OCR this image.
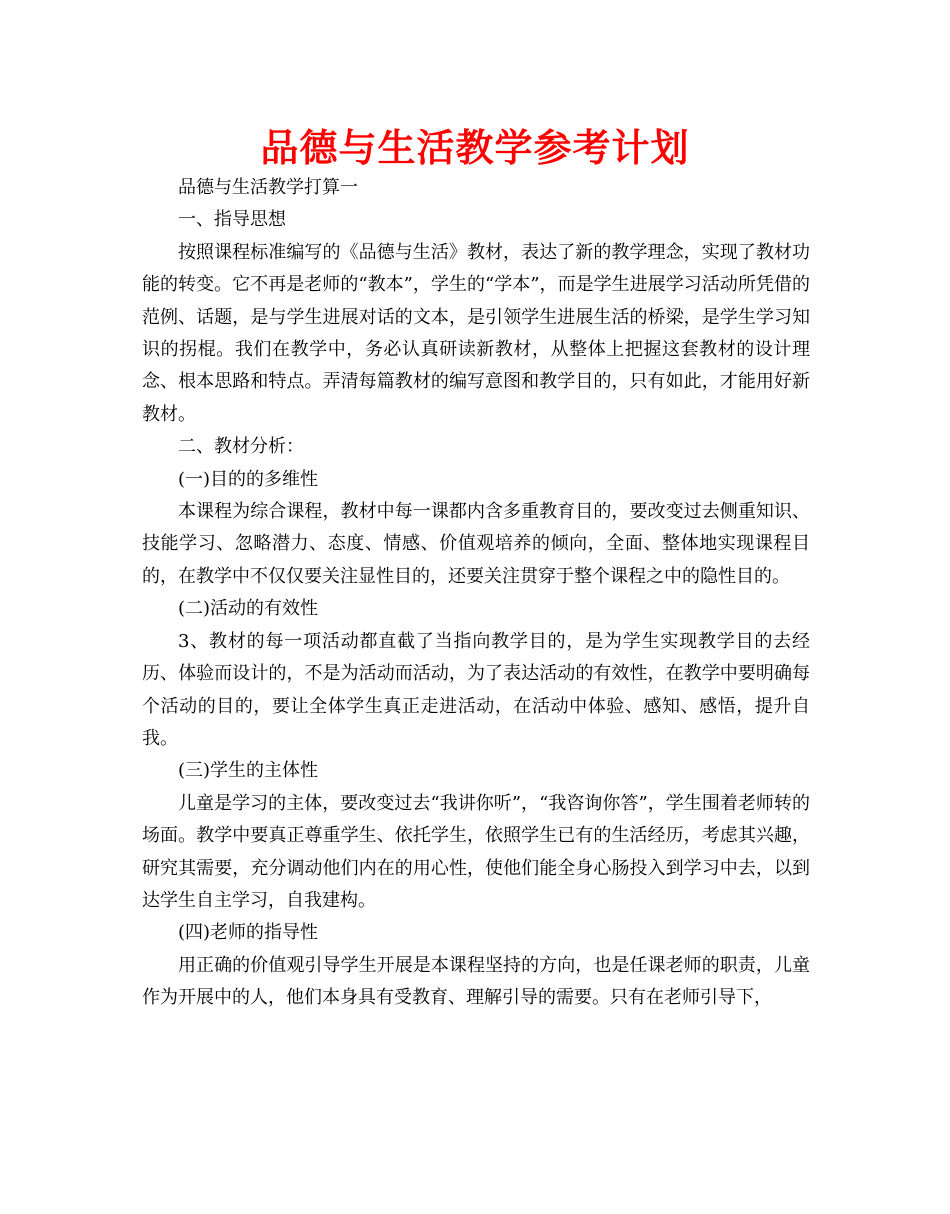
品德与生活教学参考计划

品德与生活教学打算一

一、指导思想

按照课程标准编写的《品德与生活》教材，表达了新的教学理念，实现了教材功能的转变。它不再是老师的“教本”，学生的“学本”，而是学生进展学习活动所凭借的范例、话题，是与学生进展对话的文本，是引领学生进展生活的桥梁，是学生学习知识的拐棍。我们在教学中，务必认真研读新教材，从整体上把握这套教材的设计理念、根本思路和特点。弄清每篇教材的编写意图和教学目的，只有如此，才能用好新教材。

二、教材分析：

(一)目的的多维性

本课程为综合课程，教材中每一课都内含多重教育目的，要改变过去侧重知识、技能学习、忽略潜力、态度、情感、价值观培养的倾向，全面、整体地实现课程目的，在教学中不仅仅要关注显性目的，还要关注贯穿于整个课程之中的隐性目的。

(二)活动的有效性

3、教材的每一项活动都直截了当指向教学目的，是为学生实现教学目的去经历、体验而设计的，不是为活动而活动，为了表达活动的有效性，在教学中要明确每个活动的目的，要让全体学生真正走进活动，在活动中体验、感知、感悟，提升自我。

(三)学生的主体性

儿童是学习的主体，要改变过去“我讲你听”，“我咨询你答”，学生围着老师转的场面。教学中要真正尊重学生、依托学生，依照学生已有的生活经历，考虑其兴趣，研究其需要，充分调动他们内在的用心性，使他们能全身心肠投入到学习中去，以到达学生自主学习，自我建构。

(四)老师的指导性

用正确的价值观引导学生开展是本课程坚持的方向，也是任课老师的职责，儿童作为开展中的人，他们本身具有受教育、理解引导的需要。只有在老师引导下，
